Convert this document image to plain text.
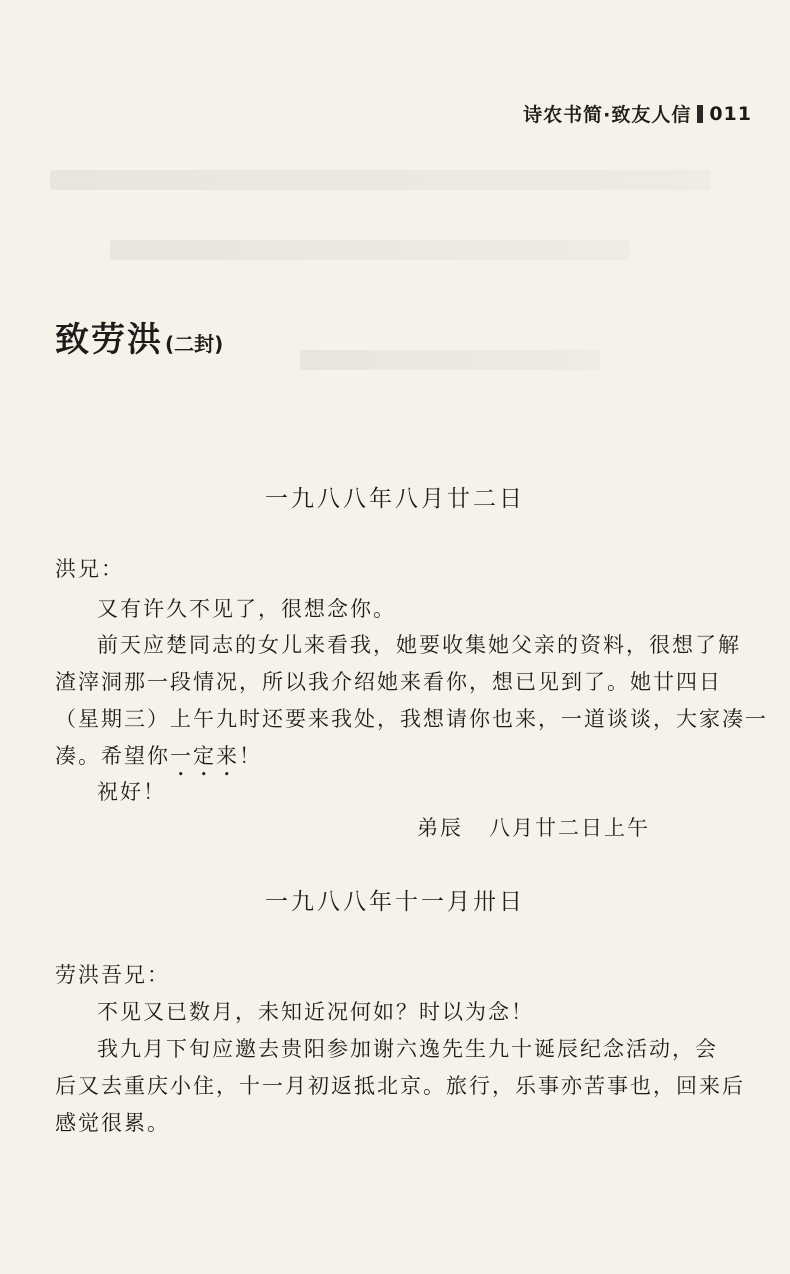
诗农书简·致友人信 011
致劳洪 (二封)
一九八八年八月廿二日
洪兄：
又有许久不见了，很想念你。
前天应楚同志的女儿来看我，她要收集她父亲的资料，很想了解
渣滓洞那一段情况，所以我介绍她来看你，想已见到了。她廿四日
（星期三）上午九时还要来我处，我想请你也来，一道谈谈，大家凑一
凑。希望你一定来！
祝好！
弟辰 八月廿二日上午
一九八八年十一月卅日
劳洪吾兄：
不见又已数月，未知近况何如？时以为念！
我九月下旬应邀去贵阳参加谢六逸先生九十诞辰纪念活动，会
后又去重庆小住，十一月初返抵北京。旅行，乐事亦苦事也，回来后
感觉很累。
